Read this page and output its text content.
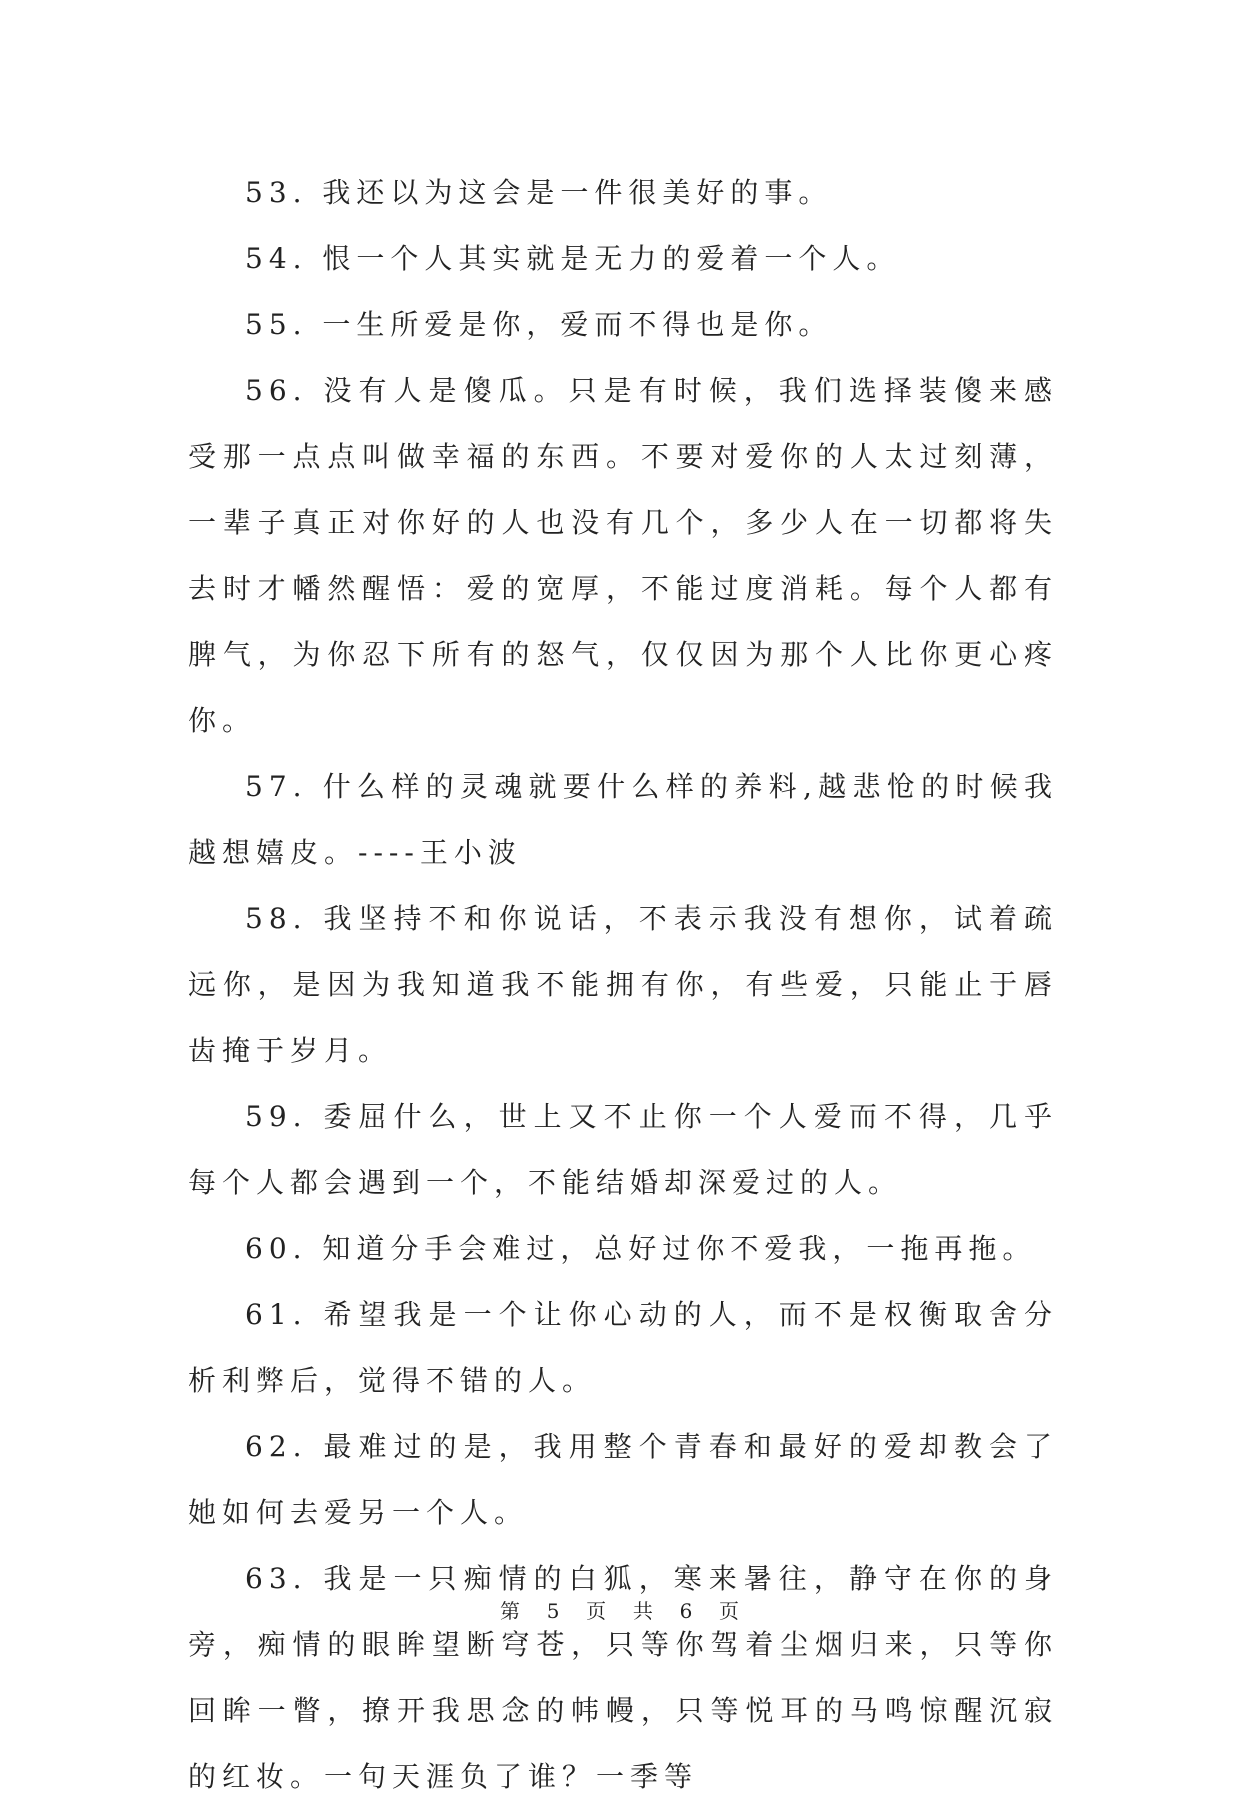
53. 我还以为这会是一件很美好的事。

54. 恨一个人其实就是无力的爱着一个人。

55. 一生所爱是你，爱而不得也是你。

56. 没有人是傻瓜。只是有时候，我们选择装傻来感受那一点点叫做幸福的东西。不要对爱你的人太过刻薄，一辈子真正对你好的人也没有几个，多少人在一切都将失去时才幡然醒悟：爱的宽厚，不能过度消耗。每个人都有脾气，为你忍下所有的怒气，仅仅因为那个人比你更心疼你。

57. 什么样的灵魂就要什么样的养料,越悲怆的时候我越想嬉皮。----王小波

58. 我坚持不和你说话，不表示我没有想你，试着疏远你，是因为我知道我不能拥有你，有些爱，只能止于唇齿掩于岁月。

59. 委屈什么，世上又不止你一个人爱而不得，几乎每个人都会遇到一个，不能结婚却深爱过的人。

60. 知道分手会难过，总好过你不爱我，一拖再拖。

61. 希望我是一个让你心动的人，而不是权衡取舍分析利弊后，觉得不错的人。

62. 最难过的是，我用整个青春和最好的爱却教会了她如何去爱另一个人。

63. 我是一只痴情的白狐，寒来暑往，静守在你的身旁，痴情的眼眸望断穹苍，只等你驾着尘烟归来，只等你回眸一瞥，撩开我思念的帏幔，只等悦耳的马鸣惊醒沉寂的红妆。一句天涯负了谁？一季等

第 5 页 共 6 页
